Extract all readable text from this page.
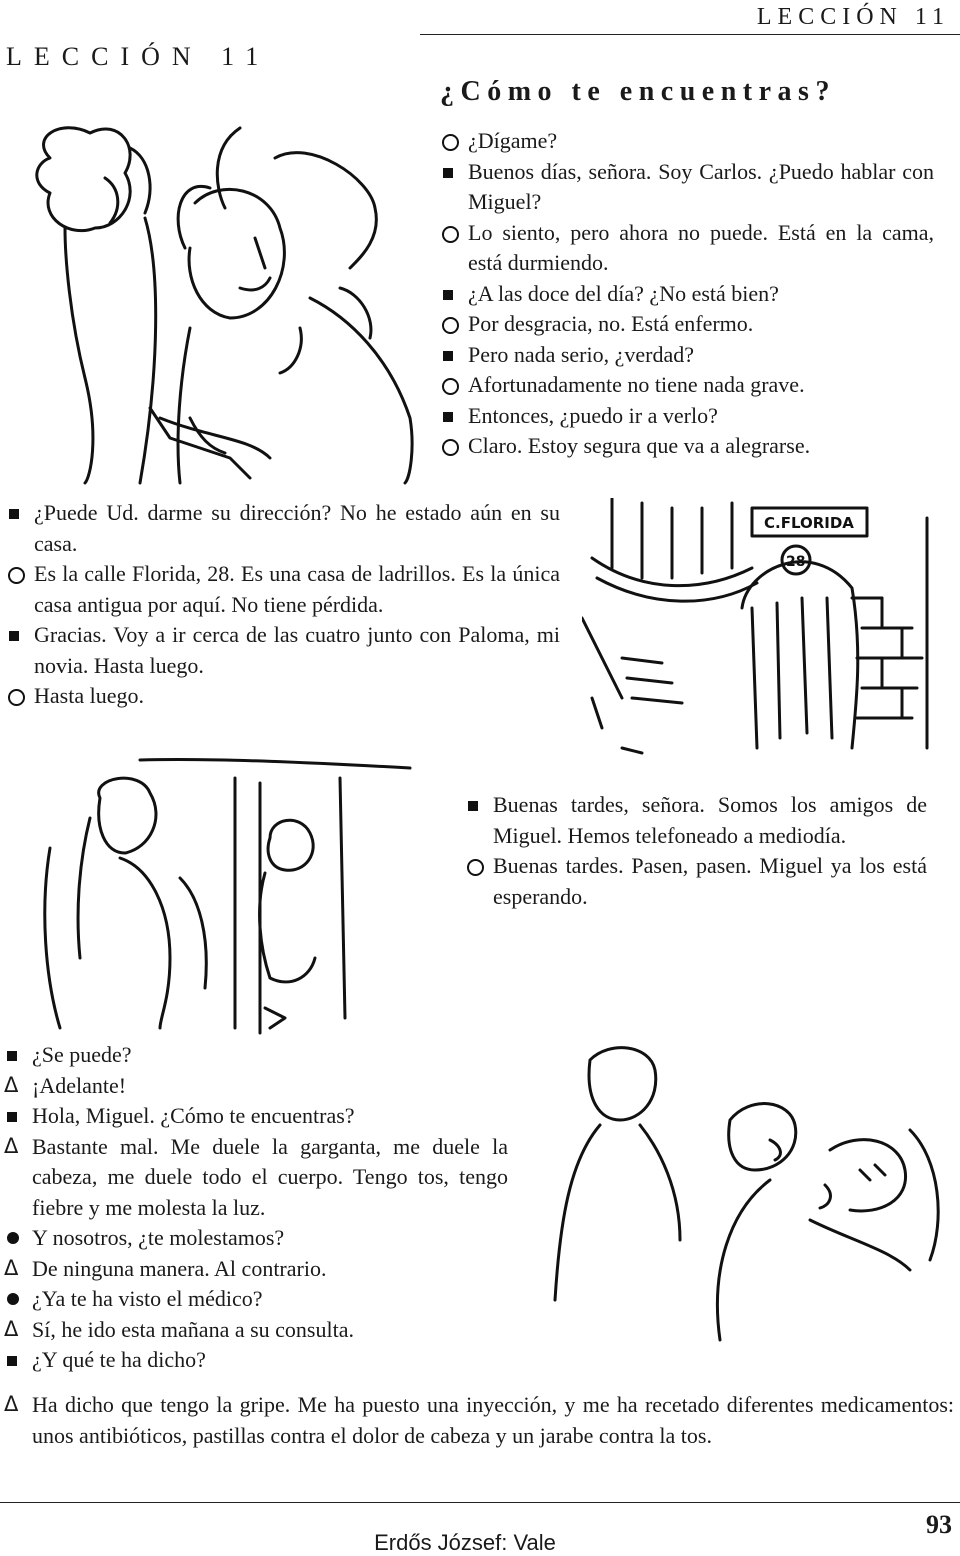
LECCIÓN 11
LECCIÓN 11
¿Cómo te encuentras?
¿Dígame?
Buenos días, señora. Soy Carlos. ¿Puedo hablar con Miguel?
Lo siento, pero ahora no puede. Está en la cama, está durmiendo.
¿A las doce del día? ¿No está bien?
Por desgracia, no. Está enfermo.
Pero nada serio, ¿verdad?
Afortunadamente no tiene nada grave.
Entonces, ¿puedo ir a verlo?
Claro. Estoy segura que va a alegrarse.
¿Puede Ud. darme su dirección? No he estado aún en su casa.
Es la calle Florida, 28. Es una casa de ladrillos. Es la única casa antigua por aquí. No tiene pérdida.
Gracias. Voy a ir cerca de las cuatro junto con Paloma, mi novia. Hasta luego.
Hasta luego.
C.FLORIDA
28
Buenas tardes, señora. Somos los amigos de Miguel. Hemos telefoneado a mediodía.
Buenas tardes. Pasen, pasen. Miguel ya los está esperando.
¿Se puede?
¡Adelante!
Hola, Miguel. ¿Cómo te encuentras?
Bastante mal. Me duele la garganta, me duele la cabeza, me duele todo el cuerpo. Tengo tos, tengo fiebre y me molesta la luz.
Y nosotros, ¿te molestamos?
De ninguna manera. Al contrario.
¿Ya te ha visto el médico?
Sí, he ido esta mañana a su consulta.
¿Y qué te ha dicho?
Ha dicho que tengo la gripe. Me ha puesto una inyección, y me ha recetado diferentes medicamentos: unos antibióticos, pastillas contra el dolor de cabeza y un jarabe contra la tos.
93
Erdős József: Vale
